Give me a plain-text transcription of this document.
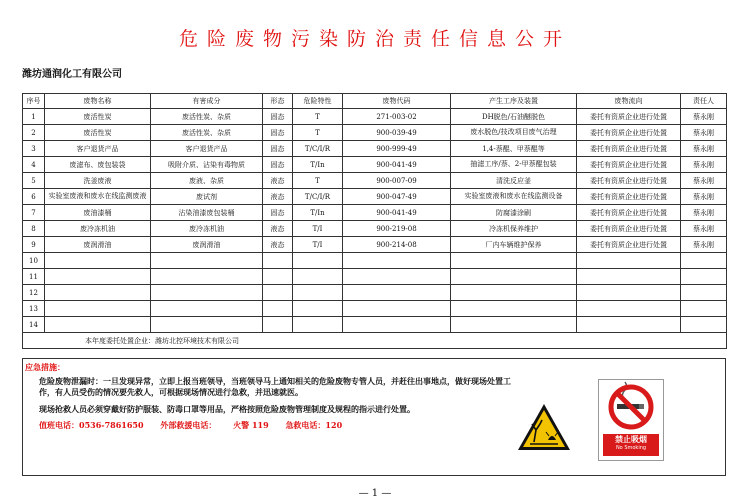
危险废物污染防治责任信息公开
潍坊通润化工有限公司
序号	废物名称	有害成分	形态	危险特性	废物代码	产生工序及装置	废物流向	责任人
1	废活性炭	废活性炭、杂质	固态	T	271-003-02	DH脱色/石油醚脱色	委托有资质企业进行处置	蔡永刚
2	废活性炭	废活性炭、杂质	固态	T	900-039-49	废水脱色/技改项目废气治理	委托有资质企业进行处置	蔡永刚
3	客户退货产品	客户退货产品	固态	T/C/I/R	900-999-49	1,4-萘醌、甲萘醌等	委托有资质企业进行处置	蔡永刚
4	废滤布、废包装袋	吸附介质、沾染有毒物质	固态	T/In	900-041-49	抽滤工序/萘、2-甲萘醌包装	委托有资质企业进行处置	蔡永刚
5	洗釜废液	废液、杂质	液态	T	900-007-09	清洗反应釜	委托有资质企业进行处置	蔡永刚
6	实验室废液和废水在线监测废液	废试剂	液态	T/C/I/R	900-047-49	实验室废液和废水在线监测设备	委托有资质企业进行处置	蔡永刚
7	废油漆桶	沾染油漆废包装桶	固态	T/In	900-041-49	防腐漆涂刷	委托有资质企业进行处置	蔡永刚
8	废冷冻机油	废冷冻机油	液态	T/I	900-219-08	冷冻机保养维护	委托有资质企业进行处置	蔡永刚
9	废润滑油	废润滑油	液态	T/I	900-214-08	厂内车辆维护保养	委托有资质企业进行处置	蔡永刚
10								
11								
12								
13								
14								
本年度委托处置企业：潍坊北控环境技术有限公司								
应急措施：
危险废物泄漏时：一旦发现异常，立即上报当班领导，当班领导马上通知相关的危险废物专管人员，并赶往出事地点，做好现场处置工作，有人员受伤的情况要先救人，可根据现场情况进行急救，并迅速就医。
现场抢救人员必须穿戴好防护服装、防毒口罩等用品，严格按照危险废物管理制度及规程的指示进行处置。
值班电话：0536-7861650 外部救援电话： 火警 119 急救电话：120
禁止吸烟
No Smoking
— 1 —
